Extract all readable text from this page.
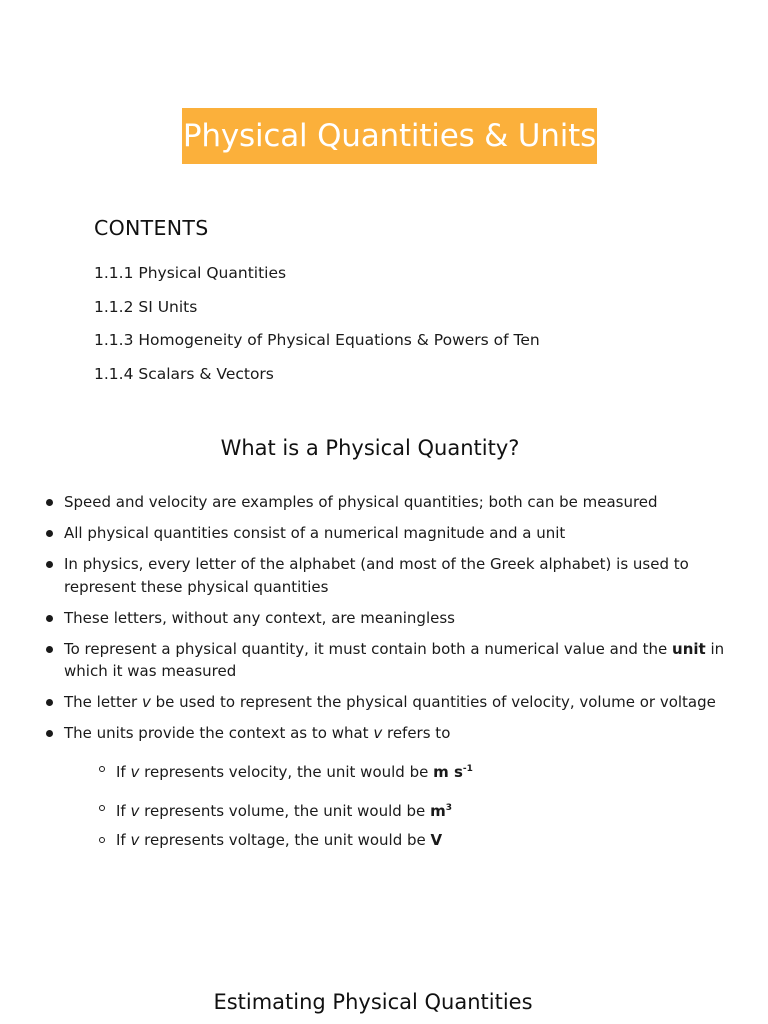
Physical Quantities & Units
CONTENTS
1.1.1 Physical Quantities
1.1.2 SI Units
1.1.3 Homogeneity of Physical Equations & Powers of Ten
1.1.4 Scalars & Vectors
What is a Physical Quantity?
Speed and velocity are examples of physical quantities; both can be measured
All physical quantities consist of a numerical magnitude and a unit
In physics, every letter of the alphabet (and most of the Greek alphabet) is used to represent these physical quantities
These letters, without any context, are meaningless
To represent a physical quantity, it must contain both a numerical value and the unit in which it was measured
The letter v be used to represent the physical quantities of velocity, volume or voltage
The units provide the context as to what v refers to
If v represents velocity, the unit would be m $s^{-1}$
If v represents volume, the unit would be $m^3$
If v represents voltage, the unit would be V
Estimating Physical Quantities
